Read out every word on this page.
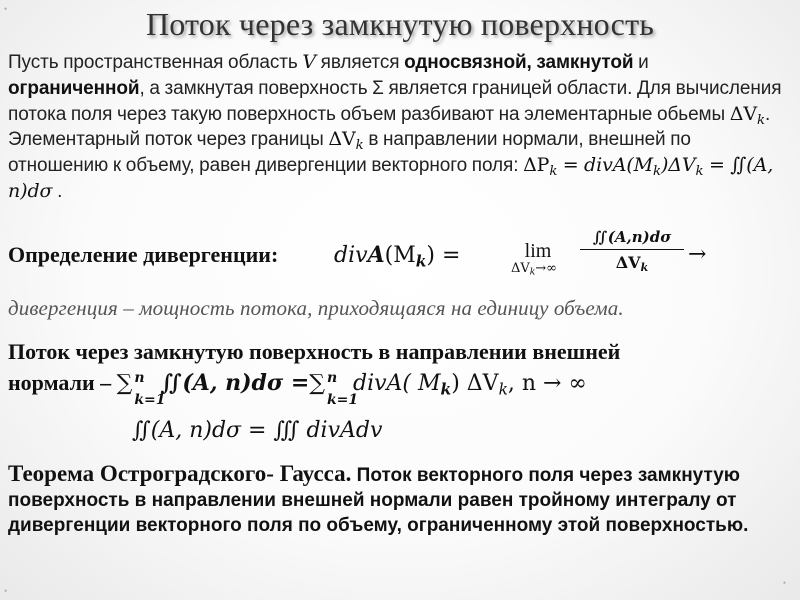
Поток через замкнутую поверхность
Пусть пространственная область V является односвязной, замкнутой и ограниченной, а замкнутая поверхность Σ является границей области. Для вычисления потока поля через такую поверхность объем разбивают на элементарные обьемы $\Delta V_k$. Элементарный поток через границы $\Delta V_k$ в направлении нормали, внешней по отношению к объему, равен дивергенции векторного поля: $\Delta P_k$ = $divA(M_k)\Delta V_k$ = ∬(A, n)dσ .
Определение дивергенции:	$divA(M_k)$ =	lim
$\Delta V_k\to\infty$
∬(A,n)dσ
$\Delta V_k$
→
дивергенция – мощность потока, приходящаяся на единицу объема.
Поток через замкнутую поверхность в направлении внешней
нормали – ∑ n
k=1
∬(A, n)dσ =∑ n
k=1
divA( $M_k$) $\Delta V_k$, n → ∞
∬(A, n)dσ = ∭ divAdv
Теорема Остроградского- Гаусса. Поток векторного поля через замкнутую поверхность в направлении внешней нормали равен тройному интегралу от дивергенции векторного поля по объему, ограниченному этой поверхностью.
•
•
•
